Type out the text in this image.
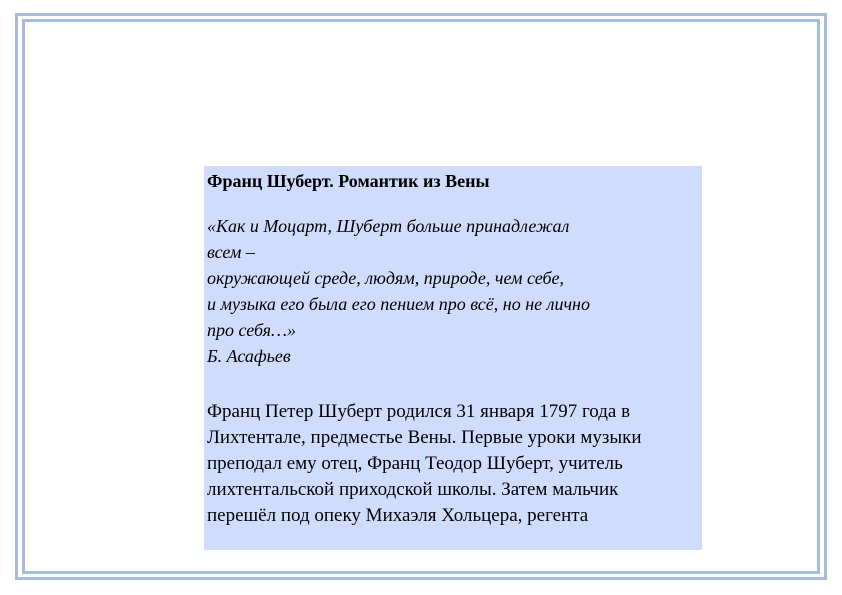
Франц Шуберт. Романтик из Вены
«Как и Моцарт, Шуберт больше принадлежал
всем –
окружающей среде, людям, природе, чем себе,
и музыка его была его пением про всё, но не лично
про себя…»
Б. Асафьев
Франц Петер Шуберт родился 31 января 1797 года в
Лихтентале, предместье Вены. Первые уроки музыки
преподал ему отец, Франц Теодор Шуберт, учитель
лихтентальской приходской школы. Затем мальчик
перешёл под опеку Михаэля Хольцера, регента
